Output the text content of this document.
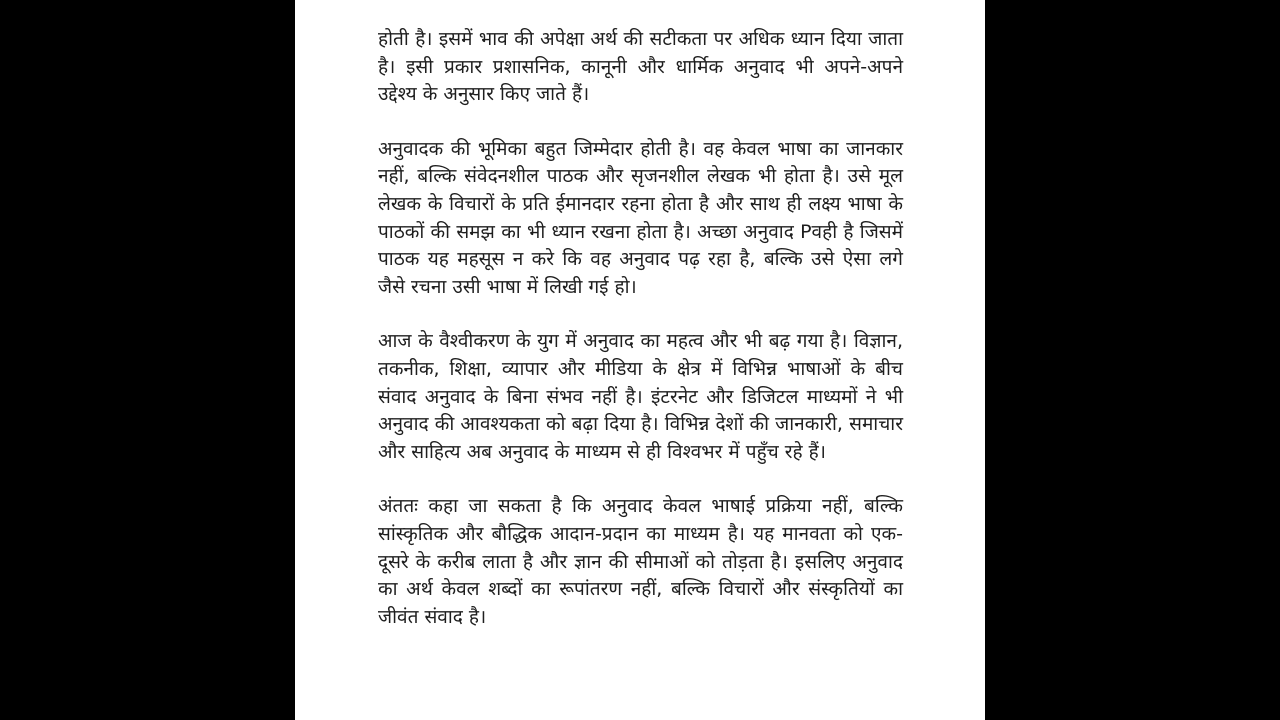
होती है। इसमें भाव की अपेक्षा अर्थ की सटीकता पर अधिक ध्यान दिया जाता है। इसी प्रकार प्रशासनिक, कानूनी और धार्मिक अनुवाद भी अपने-अपने उद्देश्य के अनुसार किए जाते हैं।

अनुवादक की भूमिका बहुत जिम्मेदार होती है। वह केवल भाषा का जानकार नहीं, बल्कि संवेदनशील पाठक और सृजनशील लेखक भी होता है। उसे मूल लेखक के विचारों के प्रति ईमानदार रहना होता है और साथ ही लक्ष्य भाषा के पाठकों की समझ का भी ध्यान रखना होता है। अच्छा अनुवाद Pवही है जिसमें पाठक यह महसूस न करे कि वह अनुवाद पढ़ रहा है, बल्कि उसे ऐसा लगे जैसे रचना उसी भाषा में लिखी गई हो।

आज के वैश्वीकरण के युग में अनुवाद का महत्व और भी बढ़ गया है। विज्ञान, तकनीक, शिक्षा, व्यापार और मीडिया के क्षेत्र में विभिन्न भाषाओं के बीच संवाद अनुवाद के बिना संभव नहीं है। इंटरनेट और डिजिटल माध्यमों ने भी अनुवाद की आवश्यकता को बढ़ा दिया है। विभिन्न देशों की जानकारी, समाचार और साहित्य अब अनुवाद के माध्यम से ही विश्वभर में पहुँच रहे हैं।

अंततः कहा जा सकता है कि अनुवाद केवल भाषाई प्रक्रिया नहीं, बल्कि सांस्कृतिक और बौद्धिक आदान-प्रदान का माध्यम है। यह मानवता को एक-दूसरे के करीब लाता है और ज्ञान की सीमाओं को तोड़ता है। इसलिए अनुवाद का अर्थ केवल शब्दों का रूपांतरण नहीं, बल्कि विचारों और संस्कृतियों का जीवंत संवाद है।
